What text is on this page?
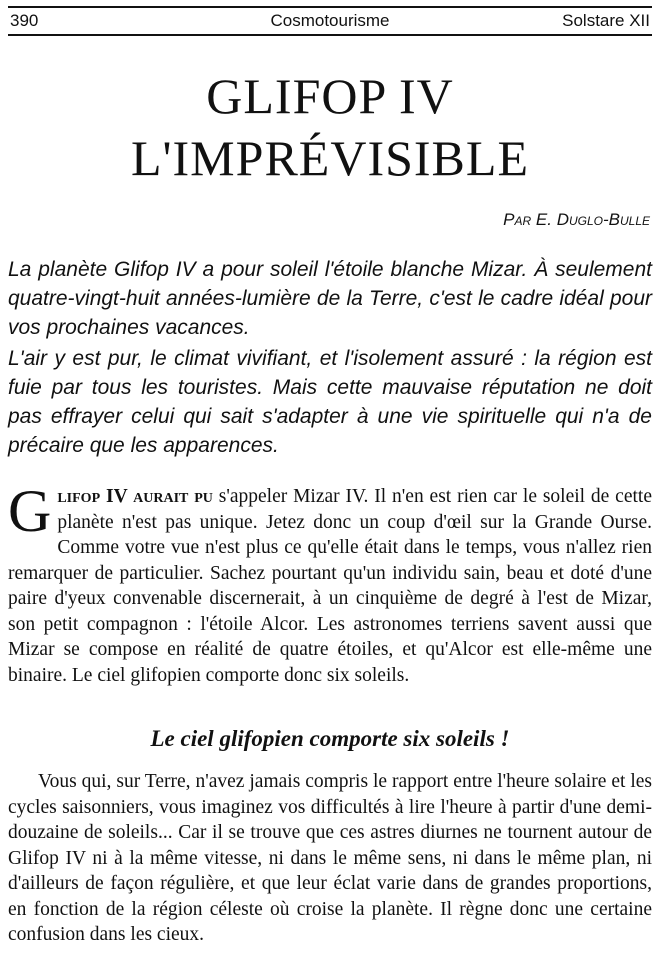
390	Cosmotourisme	Solstare XII
GLIFOP IV
L'IMPRÉVISIBLE
Par E. Duglo-Bulle

La planète Glifop IV a pour soleil l'étoile blanche Mizar. À seulement quatre-vingt-huit années-lumière de la Terre, c'est le cadre idéal pour vos prochaines vacances.

L'air y est pur, le climat vivifiant, et l'isolement assuré : la région est fuie par tous les touristes. Mais cette mauvaise réputation ne doit pas effrayer celui qui sait s'adapter à une vie spirituelle qui n'a de précaire que les apparences.

Glifop IV aurait pu s'appeler Mizar IV. Il n'en est rien car le soleil de cette planète n'est pas unique. Jetez donc un coup d'œil sur la Grande Ourse. Comme votre vue n'est plus ce qu'elle était dans le temps, vous n'allez rien remarquer de particulier. Sachez pourtant qu'un individu sain, beau et doté d'une paire d'yeux convenable discernerait, à un cinquième de degré à l'est de Mizar, son petit compagnon : l'étoile Alcor. Les astronomes terriens savent aussi que Mizar se compose en réalité de quatre étoiles, et qu'Alcor est elle-même une binaire. Le ciel glifopien comporte donc six soleils.

Le ciel glifopien comporte six soleils !

Vous qui, sur Terre, n'avez jamais compris le rapport entre l'heure solaire et les cycles saisonniers, vous imaginez vos difficultés à lire l'heure à partir d'une demi-douzaine de soleils... Car il se trouve que ces astres diurnes ne tournent autour de Glifop IV ni à la même vitesse, ni dans le même sens, ni dans le même plan, ni d'ailleurs de façon régulière, et que leur éclat varie dans de grandes proportions, en fonction de la région céleste où croise la planète. Il règne donc une certaine confusion dans les cieux.
